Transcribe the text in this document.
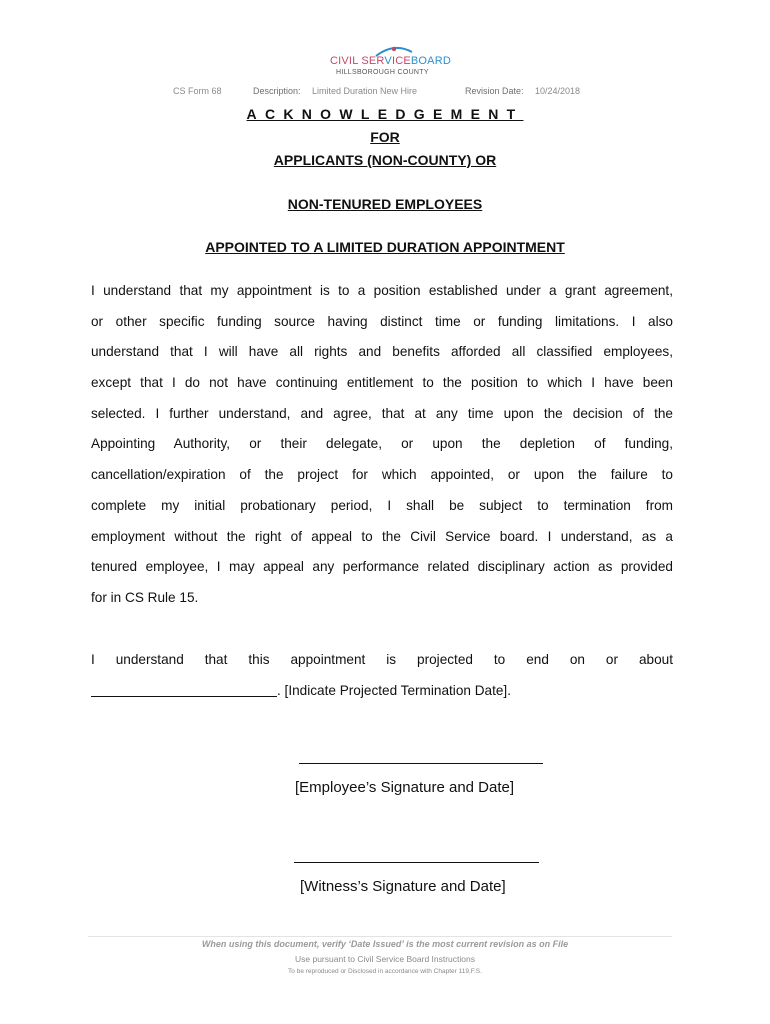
CIVIL SERVICEBOARD
HILLSBOROUGH COUNTY
CS Form 68	Description: Limited Duration New Hire	Revision Date: 10/24/2018
ACKNOWLEDGEMENT
FOR
APPLICANTS (NON-COUNTY) OR
NON-TENURED EMPLOYEES
APPOINTED TO A LIMITED DURATION APPOINTMENT
I understand that my appointment is to a position established under a grant agreement,
or other specific funding source having distinct time or funding limitations. I also
understand that I will have all rights and benefits afforded all classified employees,
except that I do not have continuing entitlement to the position to which I have been
selected. I further understand, and agree, that at any time upon the decision of the
Appointing Authority, or their delegate, or upon the depletion of funding,
cancellation/expiration of the project for which appointed, or upon the failure to
complete my initial probationary period, I shall be subject to termination from
employment without the right of appeal to the Civil Service board. I understand, as a
tenured employee, I may appeal any performance related disciplinary action as provided
for in CS Rule 15.
I understand that this appointment is projected to end on or about
. [Indicate Projected Termination Date].
[Employee’s Signature and Date]
[Witness’s Signature and Date]
When using this document, verify ‘Date Issued’ is the most current revision as on File
Use pursuant to Civil Service Board Instructions
To be reproduced or Disclosed in accordance with Chapter 119,F.S.
